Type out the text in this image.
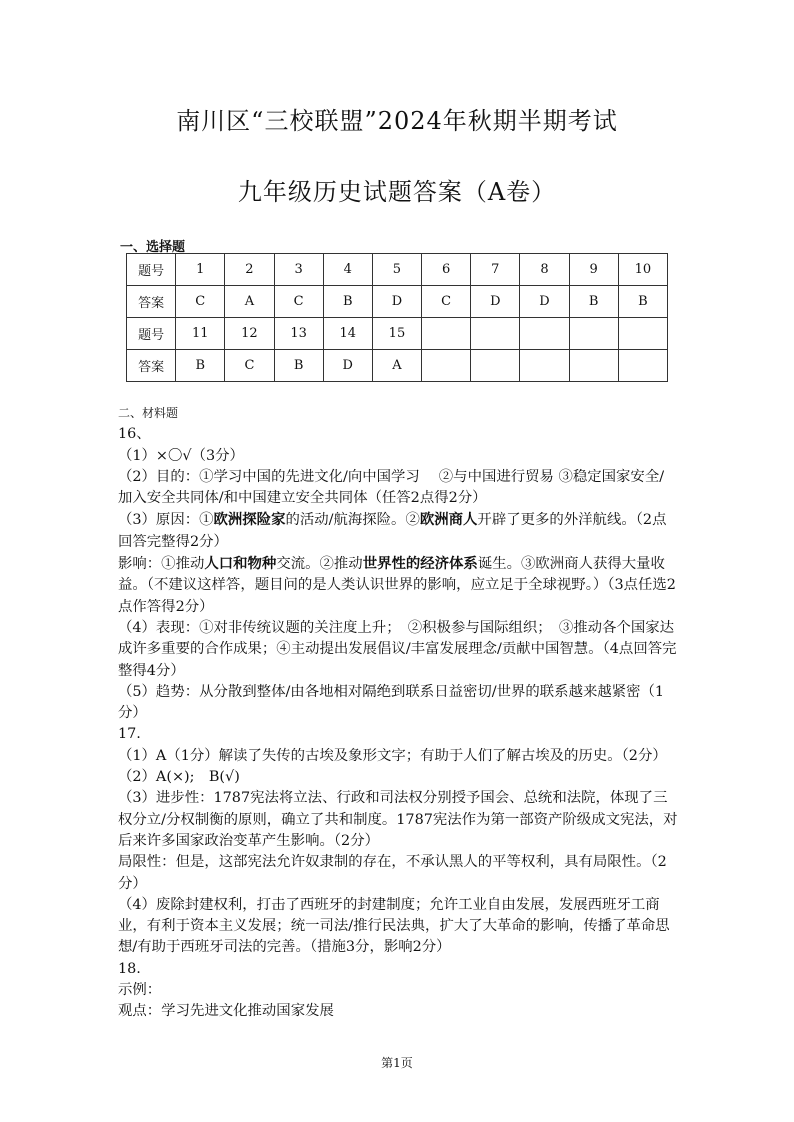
南川区“三校联盟”2024年秋期半期考试
九年级历史试题答案（A卷）
一、选择题
题号	1	2	3	4	5	6	7	8	9	10
答案	C	A	C	B	D	C	D	D	B	B
题号	11	12	13	14	15					
答案	B	C	B	D	A					

二、材料题

16、

（1）×〇√（3分）

（2）目的：①学习中国的先进文化/向中国学习　 ②与中国进行贸易 ③稳定国家安全/加入安全共同体/和中国建立安全共同体（任答2点得2分）

（3）原因：①欧洲探险家的活动/航海探险。②欧洲商人开辟了更多的外洋航线。（2点回答完整得2分）

影响：①推动人口和物种交流。②推动世界性的经济体系诞生。③欧洲商人获得大量收益。（不建议这样答，题目问的是人类认识世界的影响，应立足于全球视野。）（3点任选2点作答得2分）

（4）表现：①对非传统议题的关注度上升；　②积极参与国际组织；　③推动各个国家达成许多重要的合作成果；④主动提出发展倡议/丰富发展理念/贡献中国智慧。（4点回答完整得4分）

（5）趋势：从分散到整体/由各地相对隔绝到联系日益密切/世界的联系越来越紧密（1分）

17.

（1）A（1分）解读了失传的古埃及象形文字；有助于人们了解古埃及的历史。（2分）

（2）A(×);　B(√)

（3）进步性：1787宪法将立法、行政和司法权分别授予国会、总统和法院，体现了三权分立/分权制衡的原则，确立了共和制度。1787宪法作为第一部资产阶级成文宪法，对后来许多国家政治变革产生影响。（2分）

局限性：但是，这部宪法允许奴隶制的存在，不承认黑人的平等权利，具有局限性。（2分）

（4）废除封建权利，打击了西班牙的封建制度；允许工业自由发展，发展西班牙工商业，有利于资本主义发展；统一司法/推行民法典，扩大了大革命的影响，传播了革命思想/有助于西班牙司法的完善。（措施3分，影响2分）

18.

示例：

观点：学习先进文化推动国家发展

第1页
